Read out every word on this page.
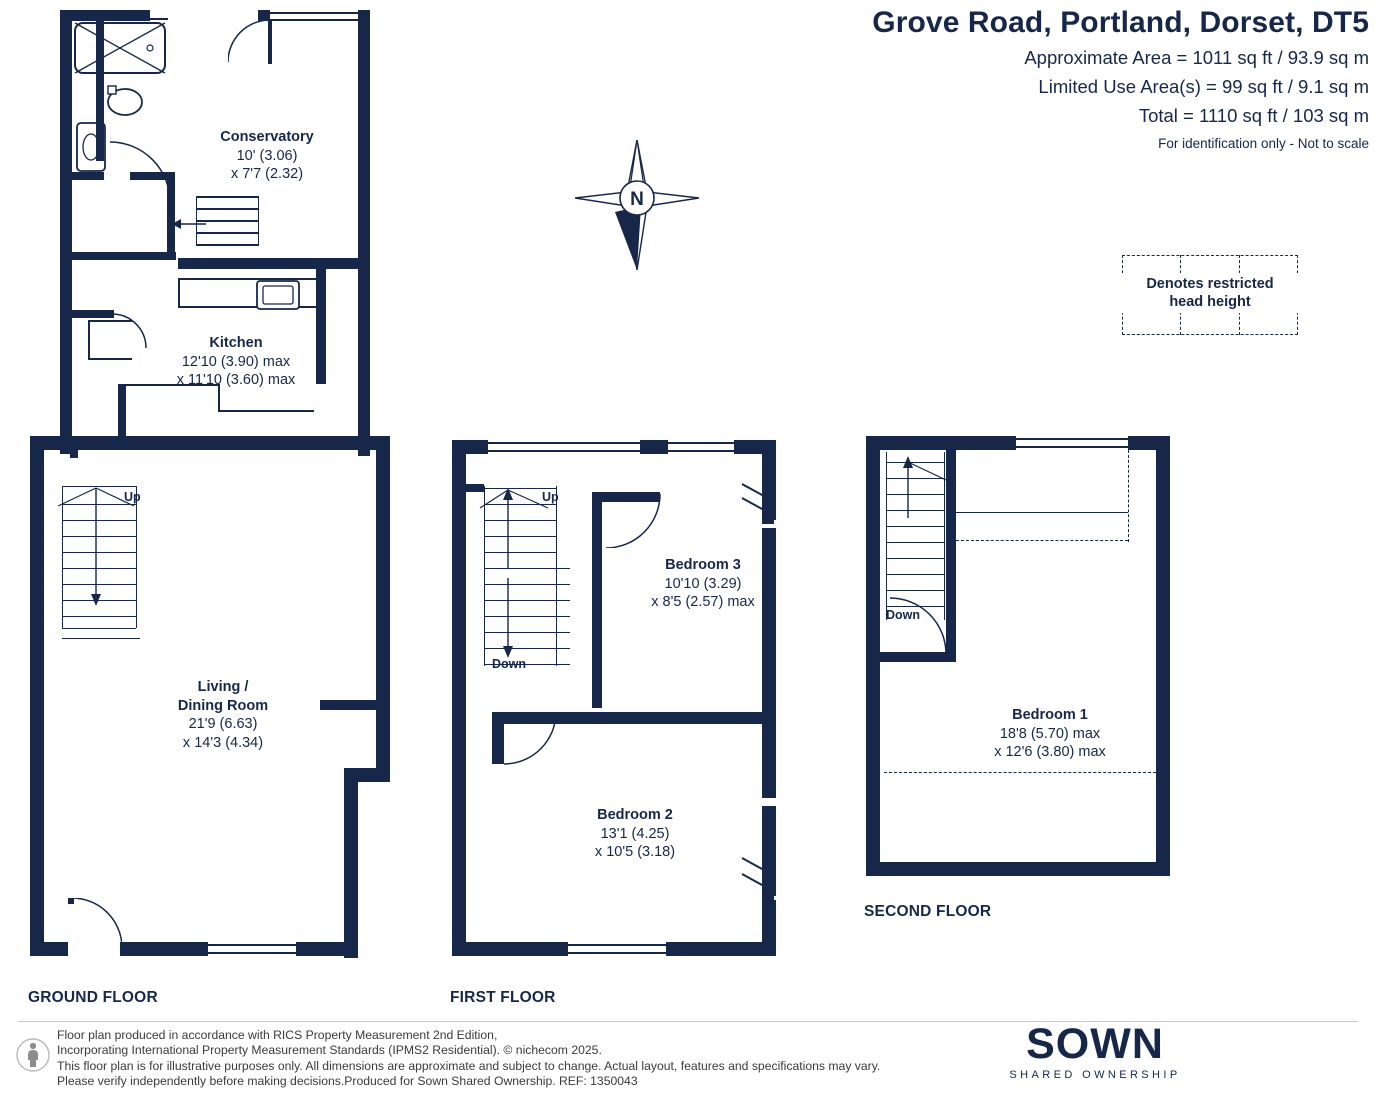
Grove Road, Portland, Dorset, DT5
Approximate Area = 1011 sq ft / 93.9 sq m
Limited Use Area(s) = 99 sq ft / 9.1 sq m
Total = 1110 sq ft / 103 sq m
For identification only - Not to scale
N
Denotes restricted
head height
Up
Conservatory
10' (3.06)
x 7'7 (2.32)
Kitchen
12'10 (3.90) max
x 11'10 (3.60) max
Living /
Dining Room
21'9 (6.63)
x 14'3 (4.34)
GROUND FLOOR
Up
Down
Bedroom 3
10'10 (3.29)
x 8'5 (2.57) max
Bedroom 2
13'1 (4.25)
x 10'5 (3.18)
FIRST FLOOR
Down
Bedroom 1
18'8 (5.70) max
x 12'6 (3.80) max
SECOND FLOOR
Floor plan produced in accordance with RICS Property Measurement 2nd Edition,
Incorporating International Property Measurement Standards (IPMS2 Residential). © nichecom 2025.
This floor plan is for illustrative purposes only. All dimensions are approximate and subject to change. Actual layout, features and specifications may vary.
Please verify independently before making decisions.Produced for Sown Shared Ownership. REF: 1350043
SOWN
SHARED OWNERSHIP
